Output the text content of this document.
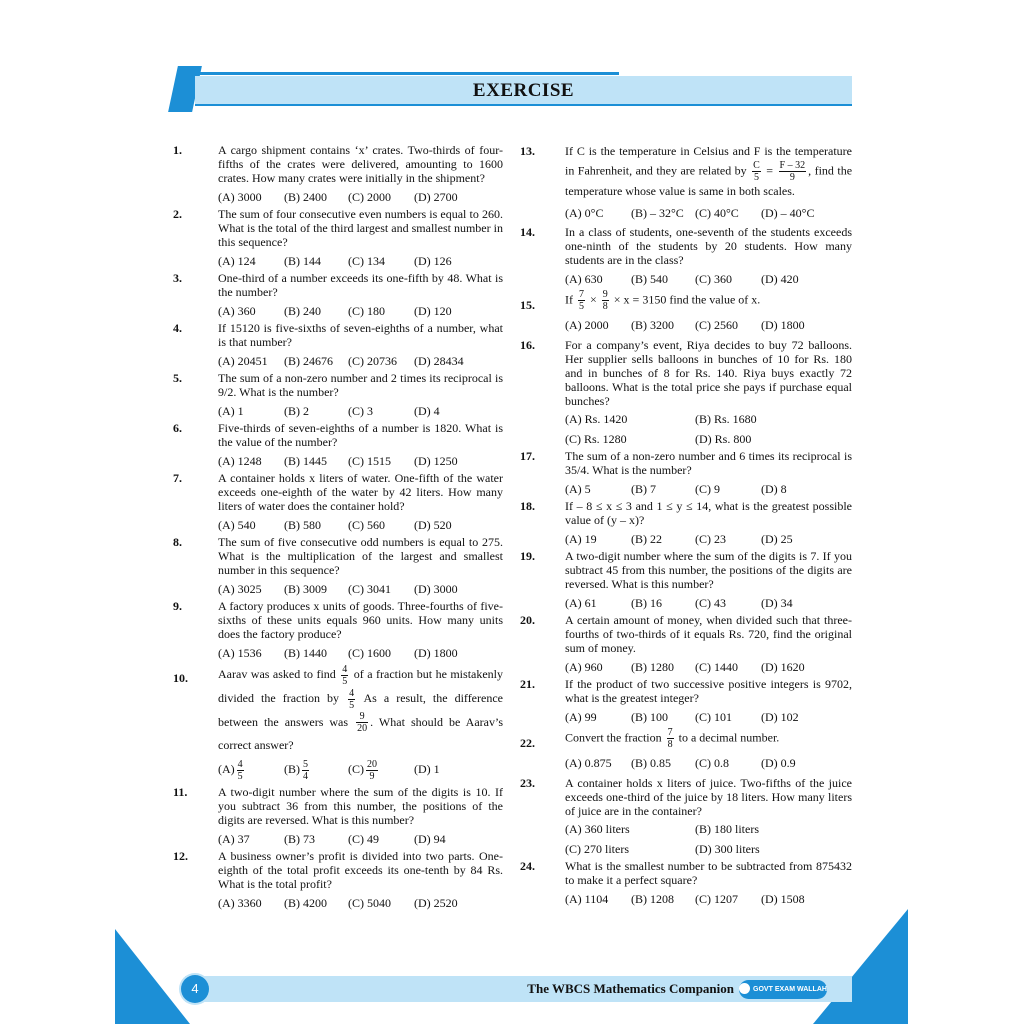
EXERCISE
1.	A cargo shipment contains ‘x’ crates. Two-thirds of four-fifths of the crates were delivered, amounting to 1600 crates. How many crates were initially in the shipment?
(A) 3000	(B) 2400	(C) 2000	(D) 2700
2.	The sum of four consecutive even numbers is equal to 260. What is the total of the third largest and smallest number in this sequence?
(A) 124	(B) 144	(C) 134	(D) 126
3.	One-third of a number exceeds its one-fifth by 48. What is the number?
(A) 360	(B) 240	(C) 180	(D) 120
4.	If 15120 is five-sixths of seven-eighths of a number, what is that number?
(A) 20451	(B) 24676	(C) 20736	(D) 28434
5.	The sum of a non-zero number and 2 times its reciprocal is 9/2. What is the number?
(A) 1	(B) 2	(C) 3	(D) 4
6.	Five-thirds of seven-eighths of a number is 1820. What is the value of the number?
(A) 1248	(B) 1445	(C) 1515	(D) 1250
7.	A container holds x liters of water. One-fifth of the water exceeds one-eighth of the water by 42 liters. How many liters of water does the container hold?
(A) 540	(B) 580	(C) 560	(D) 520
8.	The sum of five consecutive odd numbers is equal to 275. What is the multiplication of the largest and smallest number in this sequence?
(A) 3025	(B) 3009	(C) 3041	(D) 3000
9.	A factory produces x units of goods. Three-fourths of five-sixths of these units equals 960 units. How many units does the factory produce?
(A) 1536	(B) 1440	(C) 1600	(D) 1800
10.	Aarav was asked to find $\frac{4}{5}$ of a fraction but he mistakenly divided the fraction by $\frac{4}{5}$ As a result, the difference between the answers was $\frac{9}{20}$ . What should be Aarav’s correct answer?
$(A) \frac{4}{5}$	$(B) \frac{5}{4}$	$(C) \frac{20}{9}$	(D) 1
11.	A two-digit number where the sum of the digits is 10. If you subtract 36 from this number, the positions of the digits are reversed. What is this number?
(A) 37	(B) 73	(C) 49	(D) 94
12.	A business owner’s profit is divided into two parts. One-eighth of the total profit exceeds its one-tenth by 84 Rs. What is the total profit?
(A) 3360	(B) 4200	(C) 5040	(D) 2520
13.	If C is the temperature in Celsius and F is the temperature in Fahrenheit, and they are related by $\frac{C}{5} = \frac{F - 32}{9}$ , find the temperature whose value is same in both scales.
(A) 0°C	(B) – 32°C (C) 40°C	(D) – 40°C
14.	In a class of students, one-seventh of the students exceeds one-ninth of the students by 20 students. How many students are in the class?
(A) 630	(B) 540	(C) 360	(D) 420
15.	If $\frac{7}{5} \times \frac{9}{8} \times x = 3150$ find the value of x.
(A) 2000	(B) 3200	(C) 2560	(D) 1800
16.	For a company’s event, Riya decides to buy 72 balloons. Her supplier sells balloons in bunches of 10 for Rs. 180 and in bunches of 8 for Rs. 140. Riya buys exactly 72 balloons. What is the total price she pays if purchase equal bunches?
(A) Rs. 1420	(B) Rs. 1680
(C) Rs. 1280	(D) Rs. 800
17.	The sum of a non-zero number and 6 times its reciprocal is 35/4. What is the number?
(A) 5	(B) 7	(C) 9	(D) 8
18.	If – 8 ≤ x ≤ 3 and 1 ≤ y ≤ 14, what is the greatest possible value of (y – x)?
(A) 19	(B) 22	(C) 23	(D) 25
19.	A two-digit number where the sum of the digits is 7. If you subtract 45 from this number, the positions of the digits are reversed. What is this number?
(A) 61	(B) 16	(C) 43	(D) 34
20.	A certain amount of money, when divided such that three-fourths of two-thirds of it equals Rs. 720, find the original sum of money.
(A) 960	(B) 1280	(C) 1440	(D) 1620
21.	If the product of two successive positive integers is 9702, what is the greatest integer?
(A) 99	(B) 100	(C) 101	(D) 102
22.	Convert the fraction $\frac{7}{8}$ to a decimal number.
(A) 0.875	(B) 0.85	(C) 0.8	(D) 0.9
23.	A container holds x liters of juice. Two-fifths of the juice exceeds one-third of the juice by 18 liters. How many liters of juice are in the container?
(A) 360 liters	(B) 180 liters
(C) 270 liters	(D) 300 liters
24.	What is the smallest number to be subtracted from 875432 to make it a perfect square?
(A) 1104	(B) 1208	(C) 1207	(D) 1508
4	The WBCS Mathematics Companion	GOVT EXAM WALLAH
